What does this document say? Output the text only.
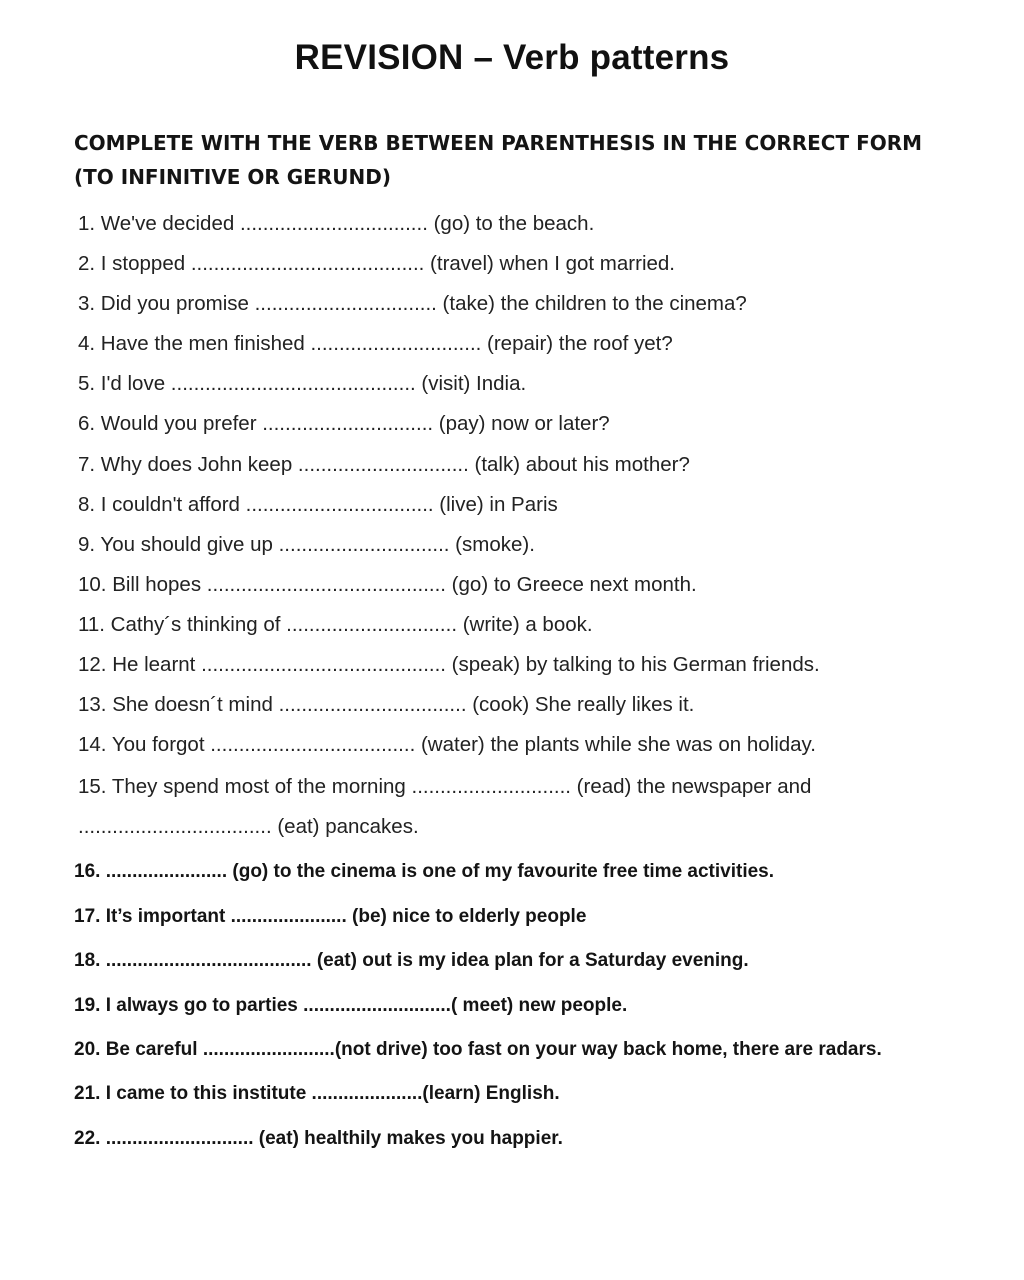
REVISION – Verb patterns
COMPLETE WITH THE VERB BETWEEN PARENTHESIS IN THE CORRECT FORM (TO INFINITIVE OR GERUND)
1. We've decided ................................. (go) to the beach.
2. I stopped ......................................... (travel) when I got married.
3. Did you promise ................................ (take) the children to the cinema?
4. Have the men finished .............................. (repair) the roof yet?
5. I'd love ........................................... (visit) India.
6. Would you prefer .............................. (pay) now or later?
7. Why does John keep .............................. (talk) about his mother?
8. I couldn't afford ................................. (live) in Paris
9. You should give up .............................. (smoke).
10. Bill hopes .......................................... (go) to Greece next month.
11. Cathy´s thinking of .............................. (write) a book.
12. He learnt ........................................... (speak) by talking to his German friends.
13. She doesn´t mind ................................. (cook) She really likes it.
14. You forgot .................................... (water) the plants while she was on holiday.
15. They spend most of the morning ............................ (read) the newspaper and .................................. (eat) pancakes.
16. ....................... (go) to the cinema is one of my favourite free time activities.
17. It’s important ...................... (be) nice to elderly people
18. ....................................... (eat) out is my idea plan for a Saturday evening.
19. I always go to parties ............................( meet) new people.
20. Be careful .........................(not drive) too fast on your way back home, there are radars.
21. I came to this institute .....................(learn) English.
22. ............................ (eat) healthily makes you happier.
